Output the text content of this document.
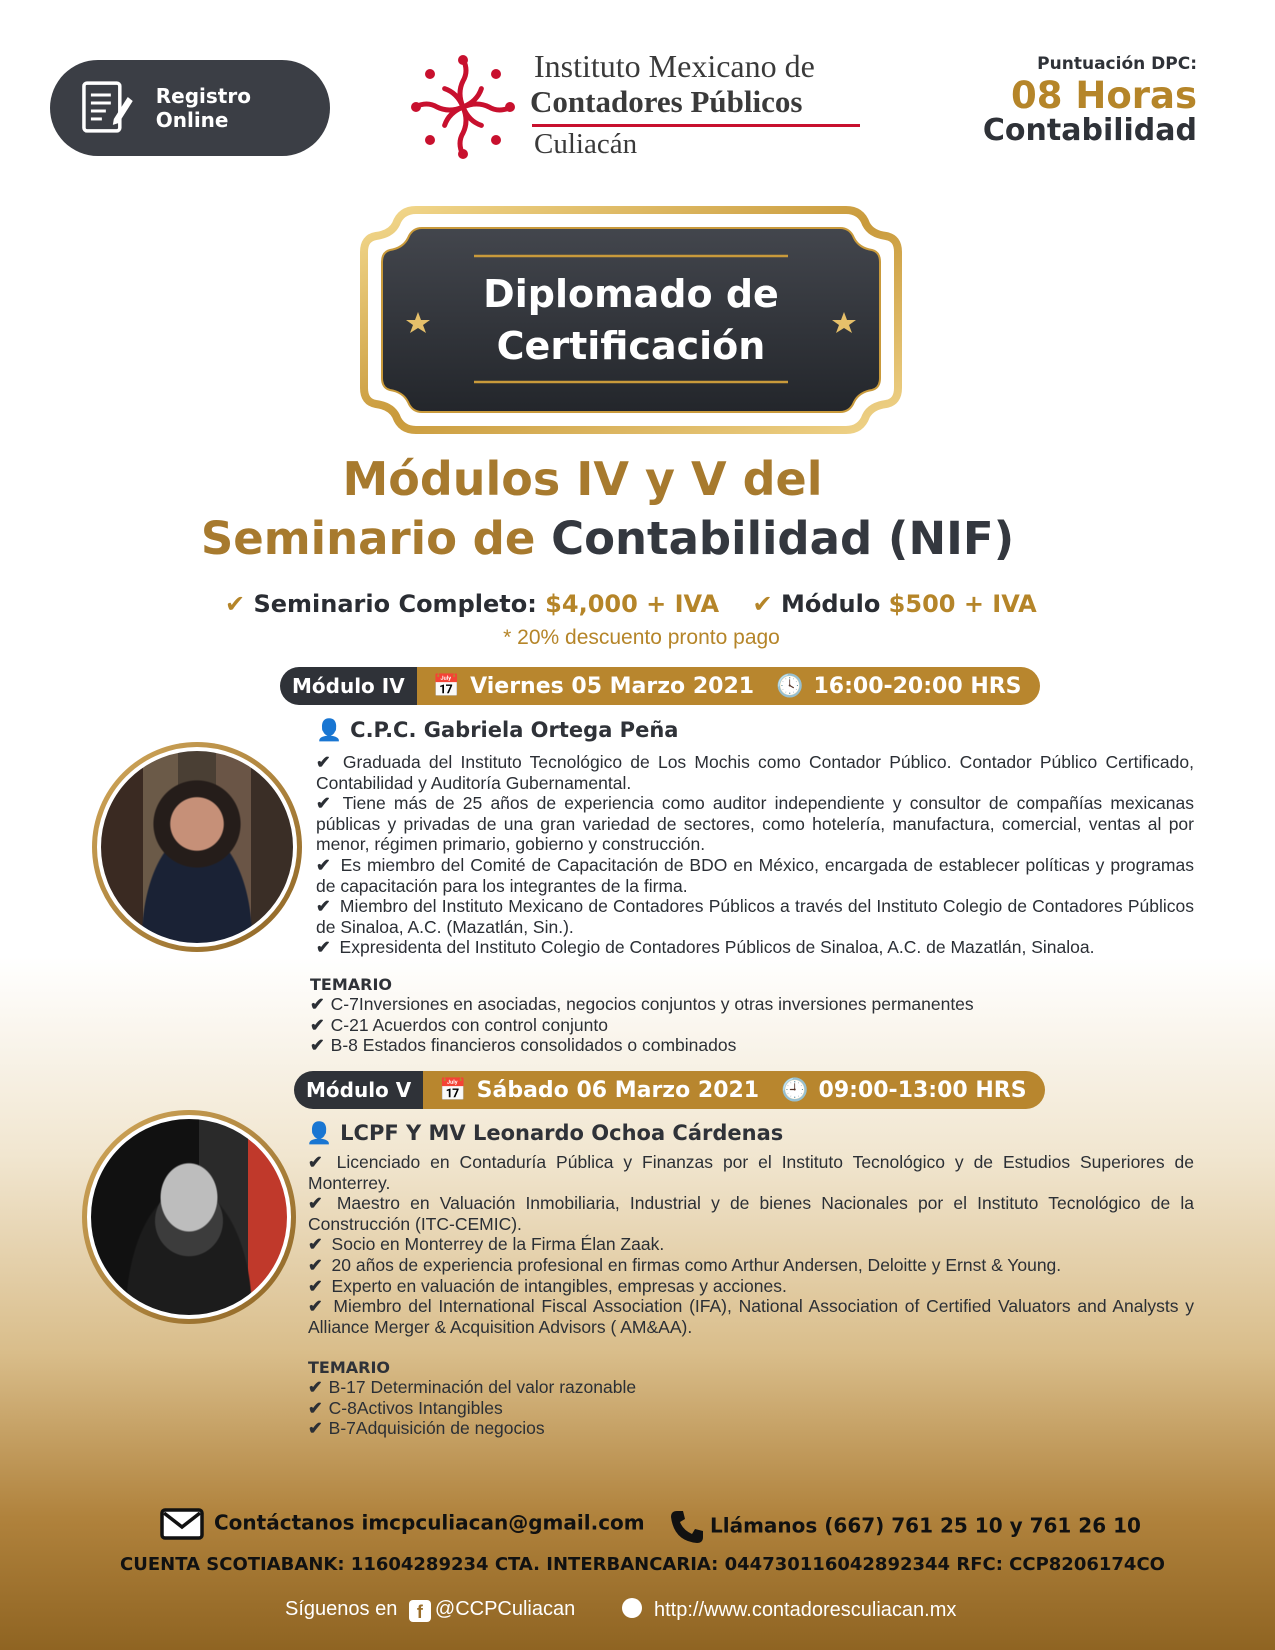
Registro Online
Instituto Mexicano de
Contadores Públicos
Culiacán
Puntuación DPC:
08 Horas
Contabilidad
Diplomado de
Certificación
Módulos IV y V del
Seminario de Contabilidad (NIF)
✔ Seminario Completo: $4,000 + IVA ✔ Módulo $500 + IVA
* 20% descuento pronto pago
Módulo IV	📅 Viernes 05 Marzo 2021 🕓 16:00-20:00 HRS
👤 C.P.C. Gabriela Ortega Peña

✔ Graduada del Instituto Tecnológico de Los Mochis como Contador Público. Contador Público Certificado, Contabilidad y Auditoría Gubernamental.

✔ Tiene más de 25 años de experiencia como auditor independiente y consultor de compañías mexicanas públicas y privadas de una gran variedad de sectores, como hotelería, manufactura, comercial, ventas al por menor, régimen primario, gobierno y construcción.

✔ Es miembro del Comité de Capacitación de BDO en México, encargada de establecer políticas y programas de capacitación para los integrantes de la firma.

✔ Miembro del Instituto Mexicano de Contadores Públicos a través del Instituto Colegio de Contadores Públicos de Sinaloa, A.C. (Mazatlán, Sin.).

✔ Expresidenta del Instituto Colegio de Contadores Públicos de Sinaloa, A.C. de Mazatlán, Sinaloa.

TEMARIO
✔ C-7Inversiones en asociadas, negocios conjuntos y otras inversiones permanentes
✔ C-21 Acuerdos con control conjunto
✔ B-8 Estados financieros consolidados o combinados
Módulo V	📅 Sábado 06 Marzo 2021 🕘 09:00-13:00 HRS
👤 LCPF Y MV Leonardo Ochoa Cárdenas

✔ Licenciado en Contaduría Pública y Finanzas por el Instituto Tecnológico y de Estudios Superiores de Monterrey.

✔ Maestro en Valuación Inmobiliaria, Industrial y de bienes Nacionales por el Instituto Tecnológico de la Construcción (ITC-CEMIC).

✔ Socio en Monterrey de la Firma Élan Zaak.

✔ 20 años de experiencia profesional en firmas como Arthur Andersen, Deloitte y Ernst & Young.

✔ Experto en valuación de intangibles, empresas y acciones.

✔ Miembro del International Fiscal Association (IFA), National Association of Certified Valuators and Analysts y Alliance Merger & Acquisition Advisors ( AM&AA).

TEMARIO
✔ B-17 Determinación del valor razonable
✔ C-8Activos Intangibles
✔ B-7Adquisición de negocios
Contáctanos imcpculiacan@gmail.com	Llámanos (667) 761 25 10 y 761 26 10
CUENTA SCOTIABANK: 11604289234 CTA. INTERBANCARIA: 044730116042892344 RFC: CCP8206174CO
Síguenos en f @CCPCuliacan	http://www.contadoresculiacan.mx
